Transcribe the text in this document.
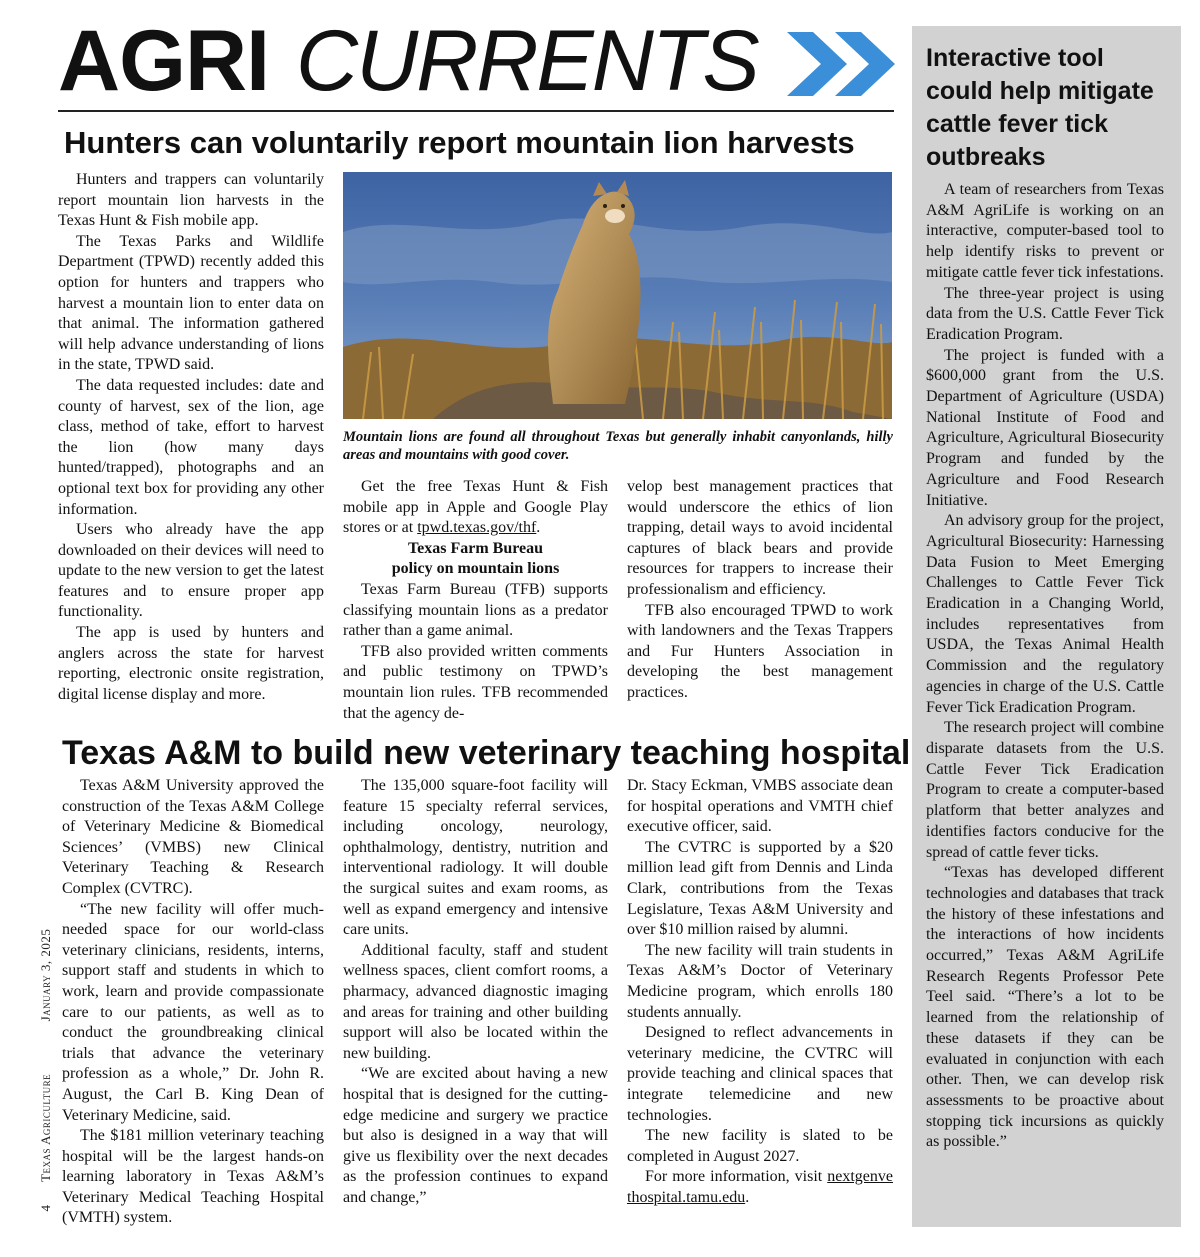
AGRI CURRENTS
Hunters can voluntarily report mountain lion harvests

Hunters and trappers can voluntarily report mountain lion harvests in the Texas Hunt & Fish mobile app.

The Texas Parks and Wildlife Department (TPWD) recently added this option for hunters and trappers who harvest a mountain lion to enter data on that animal. The information gathered will help advance understanding of lions in the state, TPWD said.

The data requested includes: date and county of harvest, sex of the lion, age class, method of take, effort to harvest the lion (how many days hunted/trapped), photographs and an optional text box for providing any other information.

Users who already have the app downloaded on their devices will need to update to the new version to get the latest features and to ensure proper app functionality.

The app is used by hunters and anglers across the state for harvest reporting, electronic onsite registration, digital license display and more.

Mountain lions are found all throughout Texas but generally inhabit canyonlands, hilly areas and mountains with good cover.

Get the free Texas Hunt & Fish mobile app in Apple and Google Play stores or at tpwd.texas.gov/thf.

Texas Farm Bureau
policy on mountain lions

Texas Farm Bureau (TFB) supports classifying mountain lions as a predator rather than a game animal.

TFB also provided written comments and public testimony on TPWD’s mountain lion rules. TFB recommended that the agency de-

velop best management practices that would underscore the ethics of lion trapping, detail ways to avoid incidental captures of black bears and provide resources for trappers to increase their professionalism and efficiency.

TFB also encouraged TPWD to work with landowners and the Texas Trappers and Fur Hunters Association in developing the best management practices.

Texas A&M to build new veterinary teaching hospital

Texas A&M University approved the construction of the Texas A&M College of Veterinary Medicine & Biomedical Sciences’ (VMBS) new Clinical Veterinary Teaching & Research Complex (CVTRC).

“The new facility will offer much-needed space for our world-class veterinary clinicians, residents, interns, support staff and students in which to work, learn and provide compassionate care to our patients, as well as to conduct the groundbreaking clinical trials that advance the veterinary profession as a whole,” Dr. John R. August, the Carl B. King Dean of Veterinary Medicine, said.

The $181 million veterinary teaching hospital will be the largest hands-on learning laboratory in Texas A&M’s Veterinary Medical Teaching Hospital (VMTH) system.

The 135,000 square-foot facility will feature 15 specialty referral services, including oncology, neurology, ophthalmology, dentistry, nutrition and interventional radiology. It will double the surgical suites and exam rooms, as well as expand emergency and intensive care units.

Additional faculty, staff and student wellness spaces, client comfort rooms, a pharmacy, advanced diagnostic imaging and areas for training and other building support will also be located within the new building.

“We are excited about having a new hospital that is designed for the cutting-edge medicine and surgery we practice but also is designed in a way that will give us flexibility over the next decades as the profession continues to expand and change,”

Dr. Stacy Eckman, VMBS associate dean for hospital operations and VMTH chief executive officer, said.

The CVTRC is supported by a $20 million lead gift from Dennis and Linda Clark, contributions from the Texas Legislature, Texas A&M University and over $10 million raised by alumni.

The new facility will train students in Texas A&M’s Doctor of Veterinary Medicine program, which enrolls 180 students annually.

Designed to reflect advancements in veterinary medicine, the CVTRC will provide teaching and clinical spaces that integrate telemedicine and new technologies.

The new facility is slated to be completed in August 2027.

For more information, visit nextgenvethospital.tamu.edu.

Interactive tool could help mitigate cattle fever tick outbreaks

A team of researchers from Texas A&M AgriLife is working on an interactive, computer-based tool to help identify risks to prevent or mitigate cattle fever tick infestations.

The three-year project is using data from the U.S. Cattle Fever Tick Eradication Program.

The project is funded with a $600,000 grant from the U.S. Department of Agriculture (USDA) National Institute of Food and Agriculture, Agricultural Biosecurity Program and funded by the Agriculture and Food Research Initiative.

An advisory group for the project, Agricultural Biosecurity: Harnessing Data Fusion to Meet Emerging Challenges to Cattle Fever Tick Eradication in a Changing World, includes representatives from USDA, the Texas Animal Health Commission and the regulatory agencies in charge of the U.S. Cattle Fever Tick Eradication Program.

The research project will combine disparate datasets from the U.S. Cattle Fever Tick Eradication Program to create a computer-based platform that better analyzes and identifies factors conducive for the spread of cattle fever ticks.

“Texas has developed different technologies and databases that track the history of these infestations and the interactions of how incidents occurred,” Texas A&M AgriLife Research Regents Professor Pete Teel said. “There’s a lot to be learned from the relationship of these datasets if they can be evaluated in conjunction with each other. Then, we can develop risk assessments to be proactive about stopping tick incursions as quickly as possible.”

4      Texas Agriculture              January 3, 2025
